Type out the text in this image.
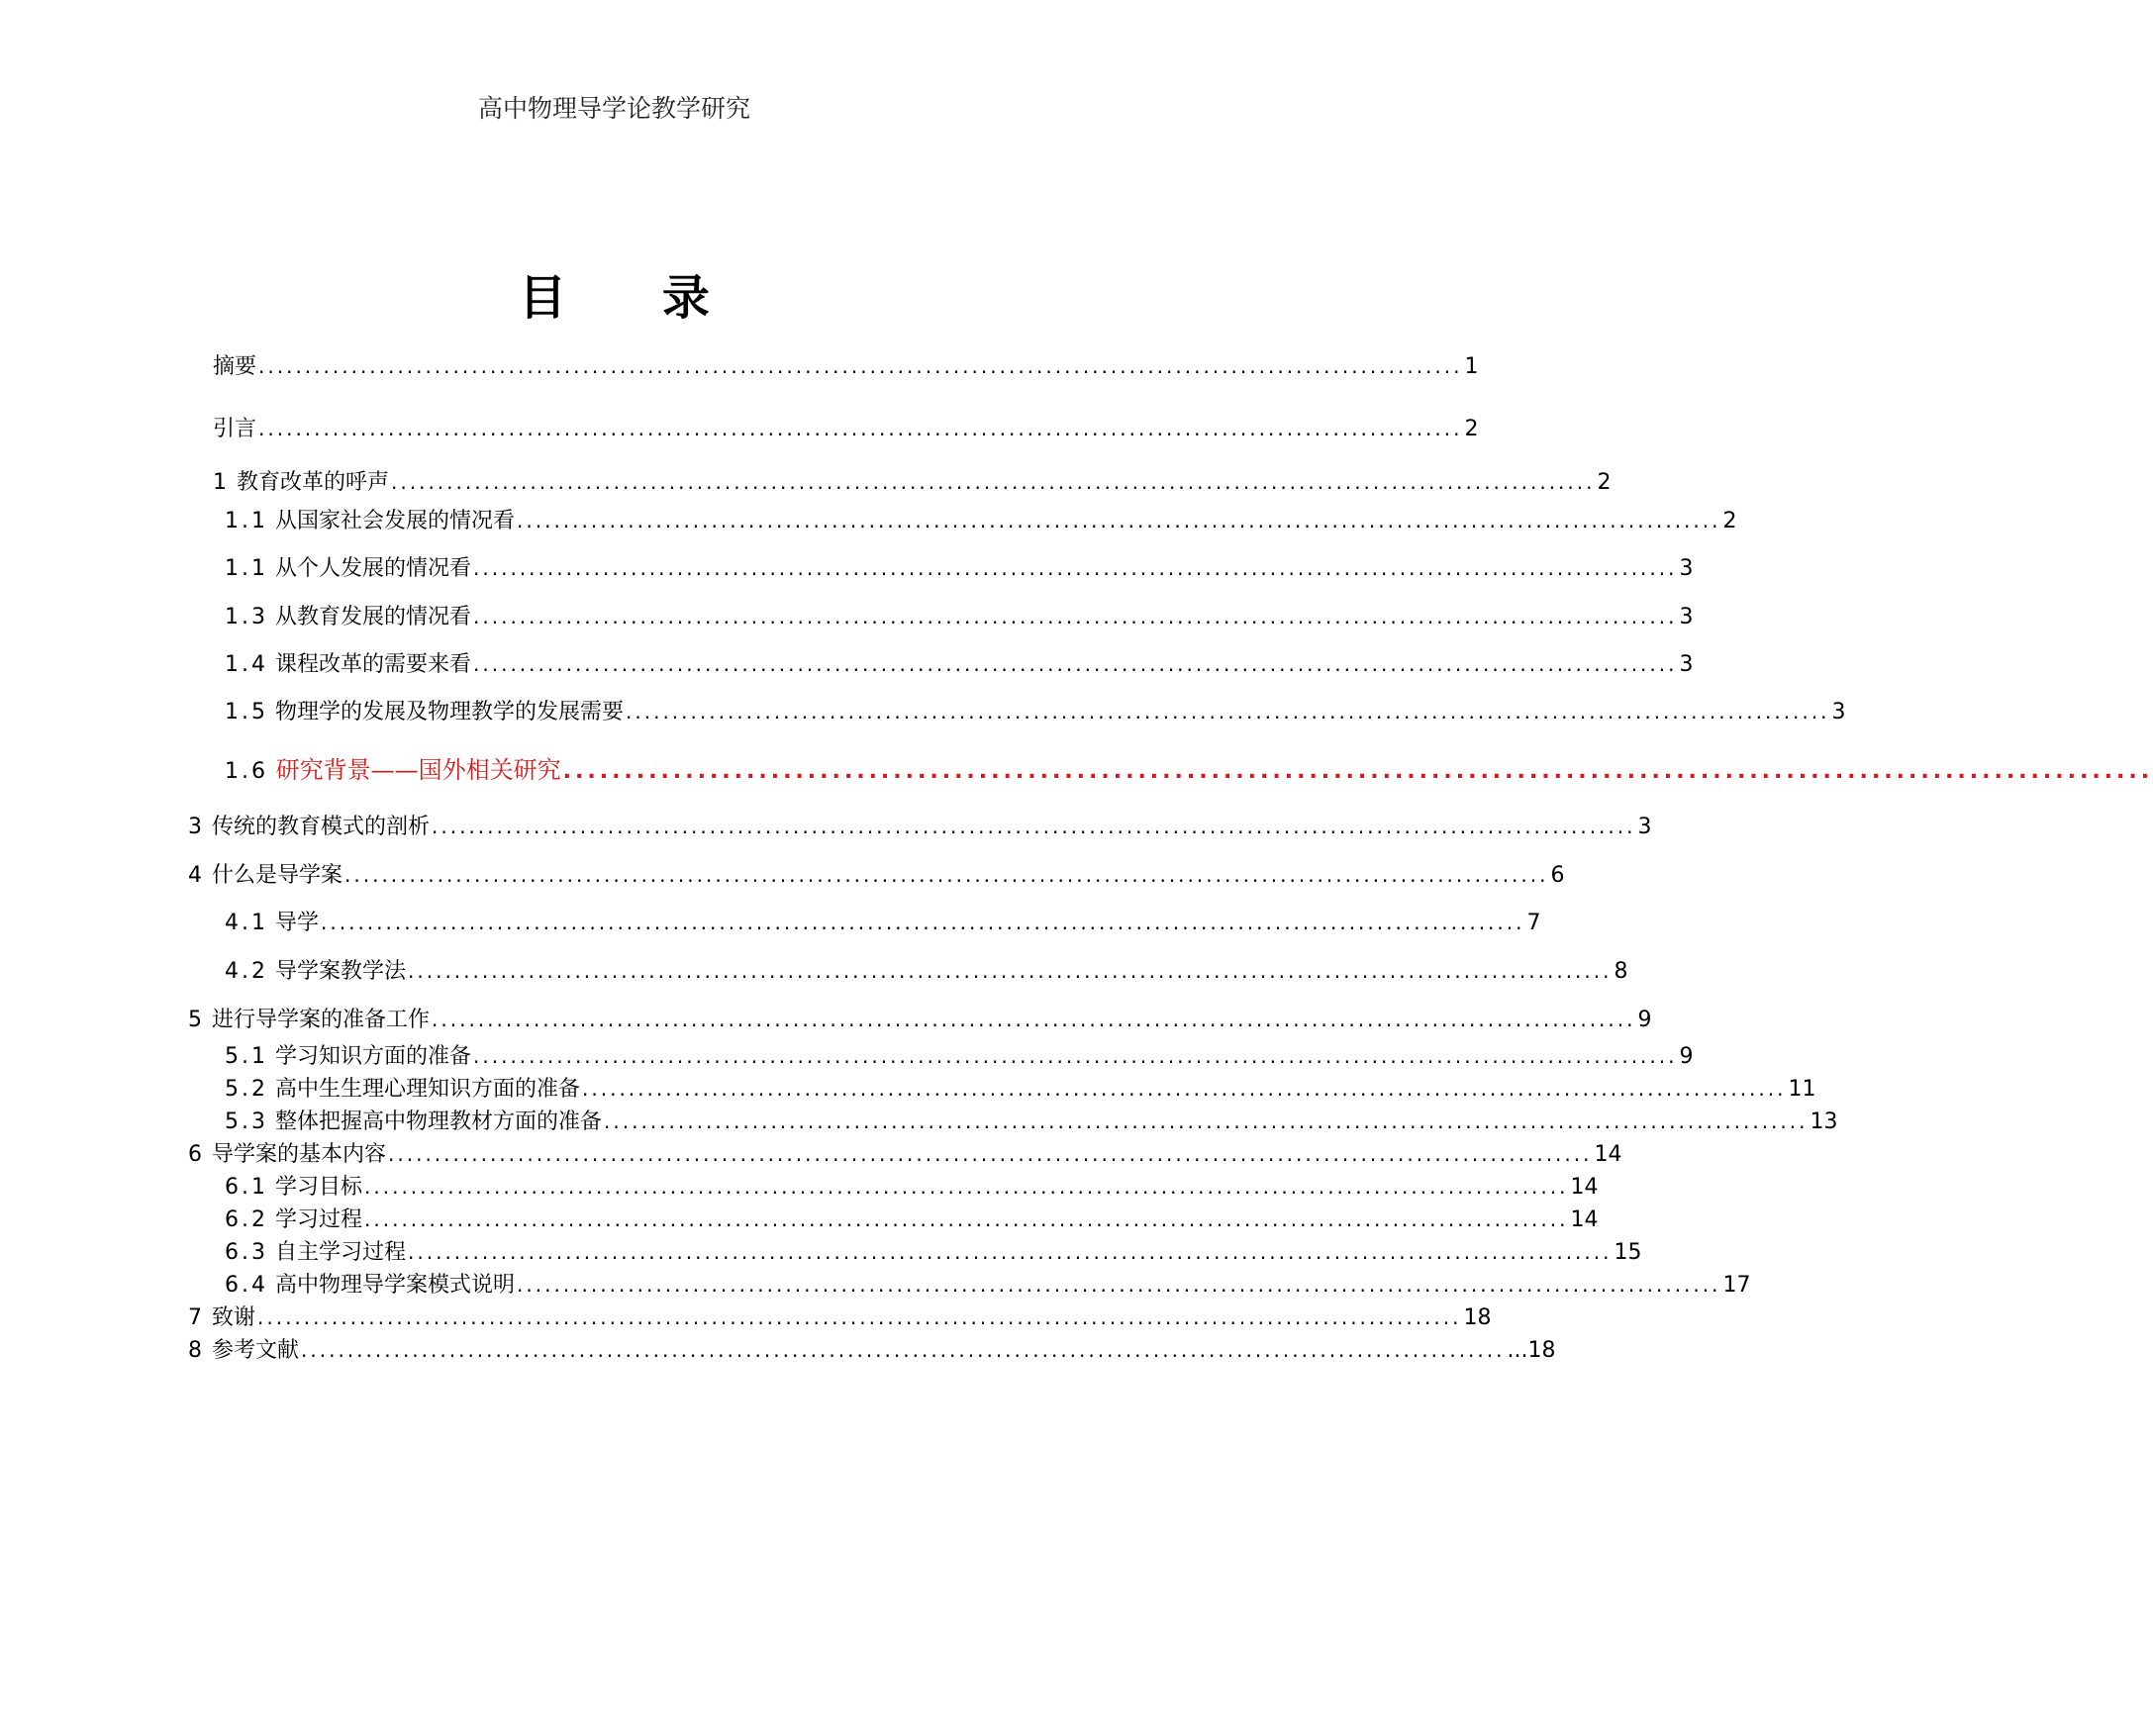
高中物理导学论教学研究
目 录
摘要 .................................................................................................................................. 1
引言 .................................................................................................................................. 2
1 教育改革的呼声 .................................................................................................................................. 2
1.1 从国家社会发展的情况看 .................................................................................................................................. 2
1.1 从个人发展的情况看 .................................................................................................................................. 3
1.3 从教育发展的情况看 .................................................................................................................................. 3
1.4 课程改革的需要来看 .................................................................................................................................. 3
1.5 物理学的发展及物理教学的发展需要 .................................................................................................................................. 3
1.6 研究背景——国外相关研究 ..................................................................................................................................
3 传统的教育模式的剖析 .................................................................................................................................. 3
4 什么是导学案 .................................................................................................................................. 6
4.1 导学 .................................................................................................................................. 7
4.2 导学案教学法 .................................................................................................................................. 8
5 进行导学案的准备工作 .................................................................................................................................. 9
5.1 学习知识方面的准备 .................................................................................................................................. 9
5.2 高中生生理心理知识方面的准备 .................................................................................................................................. 11
5.3 整体把握高中物理教材方面的准备 .................................................................................................................................. 13
6 导学案的基本内容 .................................................................................................................................. 14
6.1 学习目标 .................................................................................................................................. 14
6.2 学习过程 .................................................................................................................................. 14
6.3 自主学习过程 .................................................................................................................................. 15
6.4 高中物理导学案模式说明 .................................................................................................................................. 17
7 致谢 .................................................................................................................................. 18
8 参考文献 .................................................................................................................................. ...18
